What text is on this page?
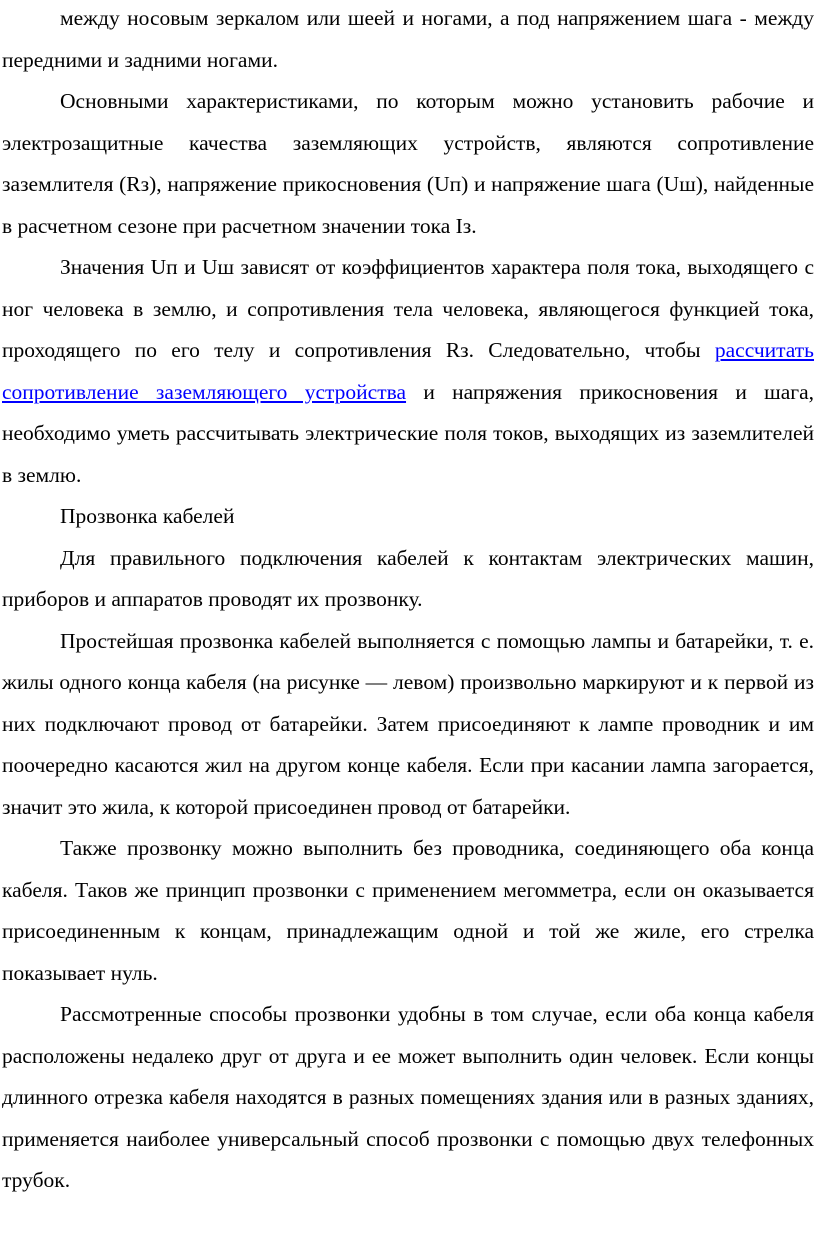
между носовым зеркалом или шеей и ногами, а под напряжением шага - между передними и задними ногами.

Основными характеристиками, по которым можно установить рабочие и электрозащитные качества заземляющих устройств, являются сопротивление заземлителя (Rз), напряжение прикосновения (Uп) и напряжение шага (Uш), найденные в расчетном сезоне при расчетном значении тока Iз.

Значения Uп и Uш зависят от коэффициентов характера поля тока, выходящего с ног человека в землю, и сопротивления тела человека, являющегося функцией тока, проходящего по его телу и сопротивления Rз. Следовательно, чтобы рассчитать сопротивление заземляющего устройства и напряжения прикосновения и шага, необходимо уметь рассчитывать электрические поля токов, выходящих из заземлителей в землю.

Прозвонка кабелей

Для правильного подключения кабелей к контактам электрических машин, приборов и аппаратов проводят их прозвонку.

Простейшая прозвонка кабелей выполняется с помощью лампы и батарейки, т. е. жилы одного конца кабеля (на рисунке — левом) произвольно маркируют и к первой из них подключают провод от батарейки. Затем присоединяют к лампе проводник и им поочередно касаются жил на другом конце кабеля. Если при касании лампа загорается, значит это жила, к которой присоединен провод от батарейки.

Также прозвонку можно выполнить без проводника, соединяющего оба конца кабеля. Таков же принцип прозвонки с применением мегомметра, если он оказывается присоединенным к концам, принадлежащим одной и той же жиле, его стрелка показывает нуль.

Рассмотренные способы прозвонки удобны в том случае, если оба конца кабеля расположены недалеко друг от друга и ее может выполнить один человек. Если концы длинного отрезка кабеля находятся в разных помещениях здания или в разных зданиях, применяется наиболее универсальный способ прозвонки с помощью двух телефонных трубок.
